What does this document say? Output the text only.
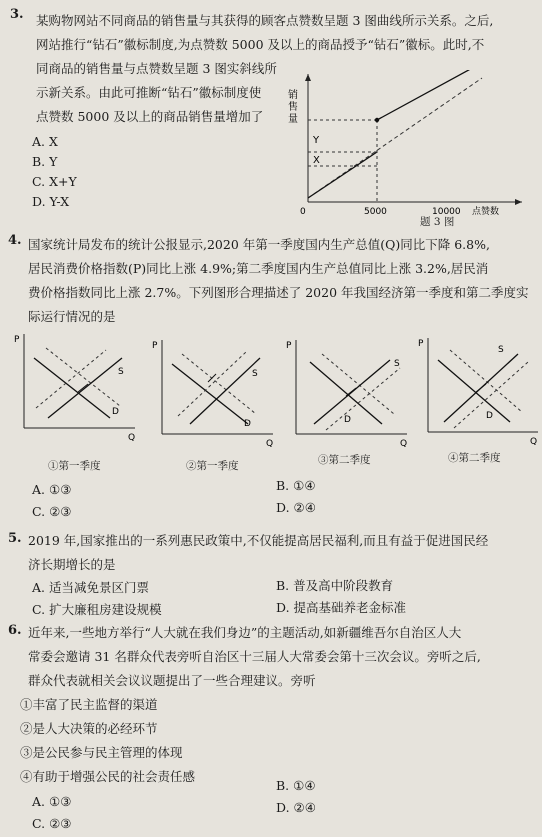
3. 某购物网站不同商品的销售量与其获得的顾客点赞数呈题 3 图曲线所示关系。之后,
网站推行“钻石”徽标制度,为点赞数 5000 及以上的商品授予“钻石”徽标。此时,不
同商品的销售量与点赞数呈题 3 图实斜线所
示新关系。由此可推断“钻石”徽标制度使
点赞数 5000 及以上的商品销售量增加了
A. X
B. Y
C. X+Y
D. Y-X
销
售
量
Y
X
0	5000	10000 点赞数
题 3 图
4. 国家统计局发布的统计公报显示,2020 年第一季度国内生产总值(Q)同比下降 6.8%,
居民消费价格指数(P)同比上涨 4.9%;第二季度国内生产总值同比上涨 3.2%,居民消
费价格指数同比上涨 2.7%。下列图形合理描述了 2020 年我国经济第一季度和第二季度实
际运行情况的是
P
Q
S
D
P
Q
S
D
P
Q
S
D
P
Q
S
D
①第一季度	②第一季度	③第二季度	④第二季度
A. ①③	B. ①④
C. ②③	D. ②④
5. 2019 年,国家推出的一系列惠民政策中,不仅能提高居民福利,而且有益于促进国民经
济长期增长的是
A. 适当减免景区门票	B. 普及高中阶段教育
C. 扩大廉租房建设规模	D. 提高基础养老金标准
6. 近年来,一些地方举行“人大就在我们身边”的主题活动,如新疆维吾尔自治区人大
常委会邀请 31 名群众代表旁听自治区十三届人大常委会第十三次会议。旁听之后,
群众代表就相关会议议题提出了一些合理建议。旁听
①丰富了民主监督的渠道
②是人大决策的必经环节
③是公民参与民主管理的体现
④有助于增强公民的社会责任感
A. ①③
B. ①④
C. ②③
D. ②④
